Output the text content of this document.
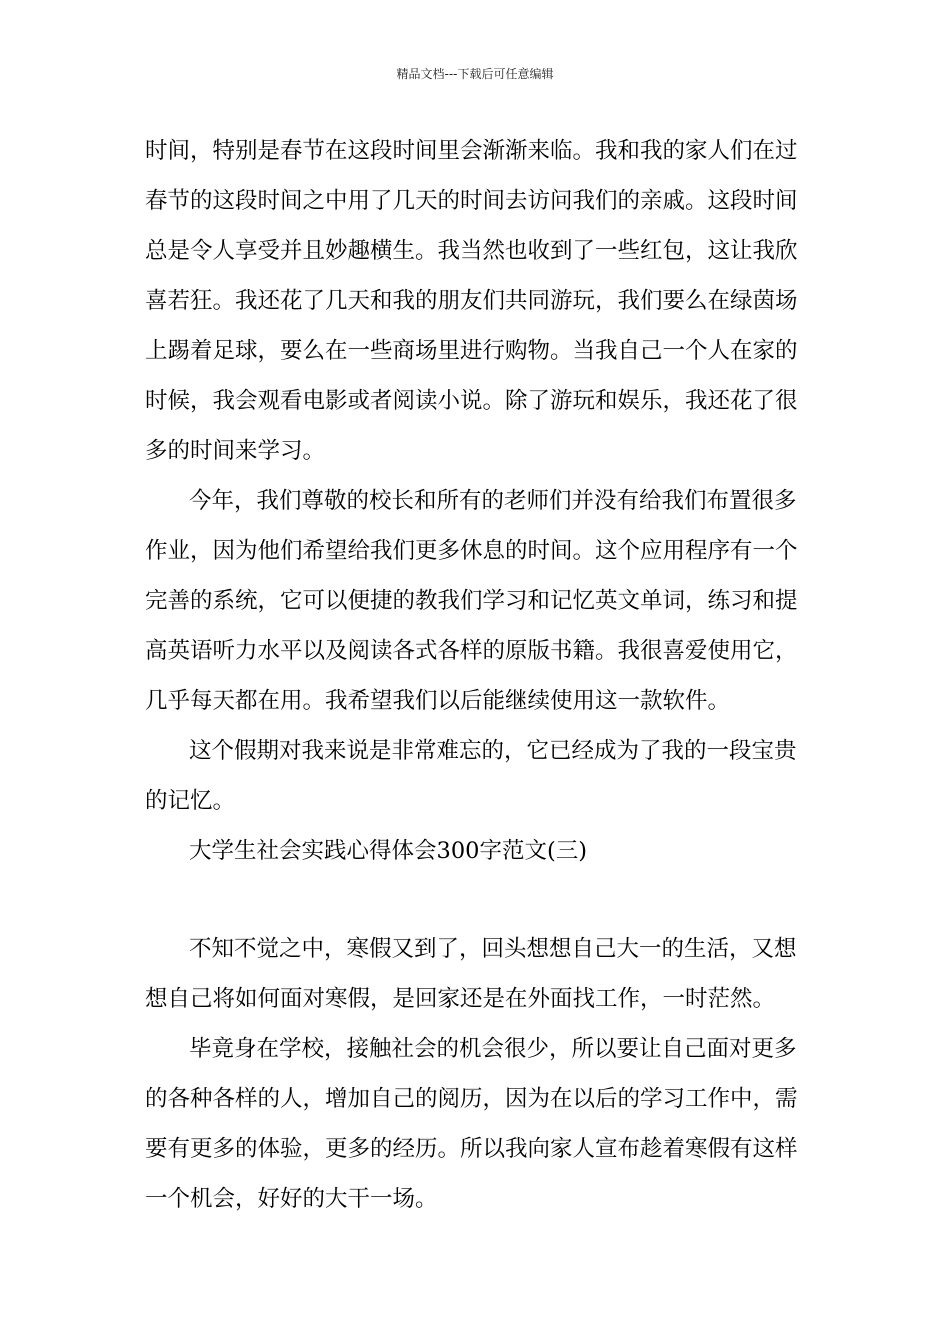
精品文档---下载后可任意编辑
时间，特别是春节在这段时间里会渐渐来临。我和我的家人们在过
春节的这段时间之中用了几天的时间去访问我们的亲戚。这段时间
总是令人享受并且妙趣横生。我当然也收到了一些红包，这让我欣
喜若狂。我还花了几天和我的朋友们共同游玩，我们要么在绿茵场
上踢着足球，要么在一些商场里进行购物。当我自己一个人在家的
时候，我会观看电影或者阅读小说。除了游玩和娱乐，我还花了很
多的时间来学习。
今年，我们尊敬的校长和所有的老师们并没有给我们布置很多
作业，因为他们希望给我们更多休息的时间。这个应用程序有一个
完善的系统，它可以便捷的教我们学习和记忆英文单词，练习和提
高英语听力水平以及阅读各式各样的原版书籍。我很喜爱使用它，
几乎每天都在用。我希望我们以后能继续使用这一款软件。
这个假期对我来说是非常难忘的，它已经成为了我的一段宝贵
的记忆。
大学生社会实践心得体会300字范文(三)
不知不觉之中，寒假又到了，回头想想自己大一的生活，又想
想自己将如何面对寒假，是回家还是在外面找工作，一时茫然。
毕竟身在学校，接触社会的机会很少，所以要让自己面对更多
的各种各样的人，增加自己的阅历，因为在以后的学习工作中，需
要有更多的体验，更多的经历。所以我向家人宣布趁着寒假有这样
一个机会，好好的大干一场。
